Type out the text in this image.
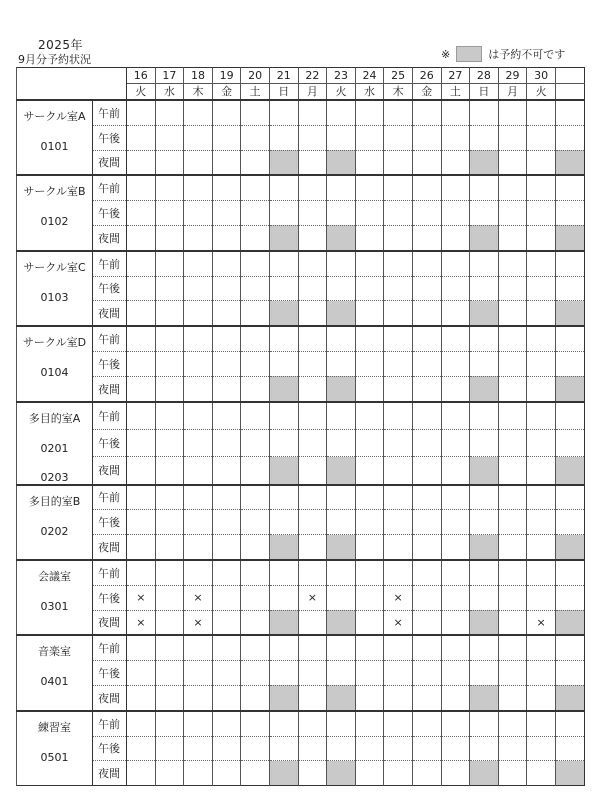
2025年
9月分予約状況	※	は予約不可です
		16	17	18	19	20	21	22	23	24	25	26	27	28	29	30	
		火	水	木	金	土	日	月	火	水	木	金	土	日	月	火	

サークル室A
0101	午前																
	午後																
	夜間																

サークル室B
0102	午前																
	午後																
	夜間																

サークル室C
0103	午前																
	午後																
	夜間																

サークル室D
0104	午前																
	午後																
	夜間																

多目的室A
0201
0203	午前																
	午後																
	夜間																

多目的室B
0202	午前																
	午後																
	夜間																

会議室
0301	午前																
	午後	×		×				×			×						
	夜間	×		×							×					×	

音楽室
0401	午前																
	午後																
	夜間																

練習室
0501	午前																
	午後																
	夜間																
